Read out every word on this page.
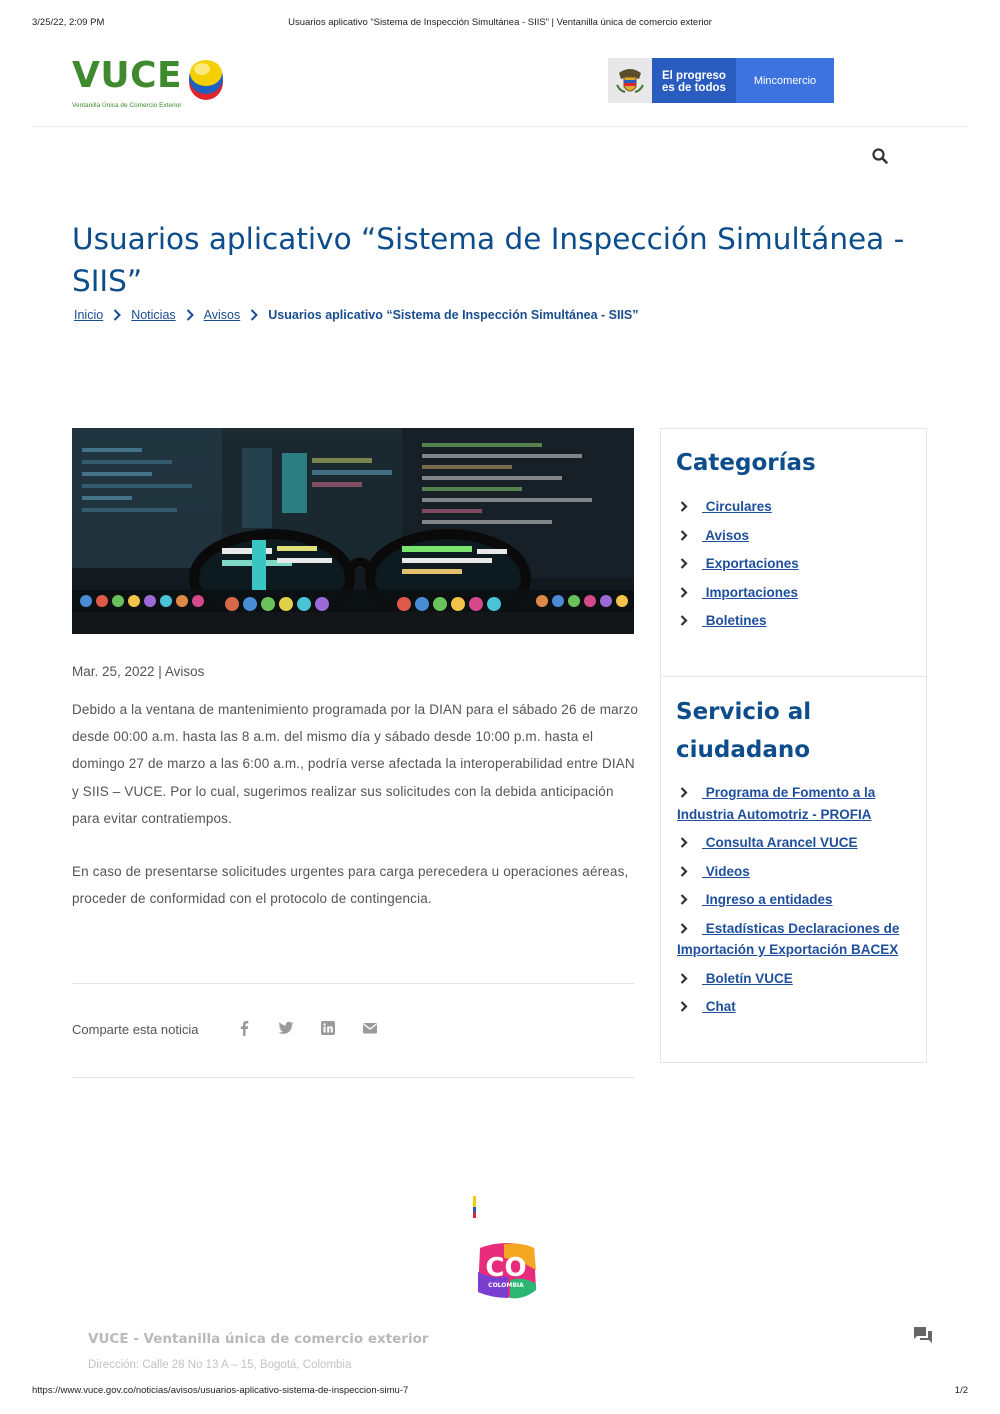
3/25/22, 2:09 PM	Usuarios aplicativo “Sistema de Inspección Simultánea - SIIS” | Ventanilla única de comercio exterior
VUCE
Ventanilla Única de Comercio Exterior
El progreso
es de todos
Mincomercio
Usuarios aplicativo “Sistema de Inspección Simultánea - SIIS”
Inicio Noticias Avisos Usuarios aplicativo “Sistema de Inspección Simultánea - SIIS”
Mar. 25, 2022 | Avisos

Debido a la ventana de mantenimiento programada por la DIAN para el sábado 26 de marzo desde 00:00 a.m. hasta las 8 a.m. del mismo día y sábado desde 10:00 p.m. hasta el domingo 27 de marzo a las 6:00 a.m., podría verse afectada la interoperabilidad entre DIAN y SIIS – VUCE. Por lo cual, sugerimos realizar sus solicitudes con la debida anticipación para evitar contratiempos.

En caso de presentarse solicitudes urgentes para carga perecedera u operaciones aéreas, proceder de conformidad con el protocolo de contingencia.

Comparte esta noticia
Categorías
Circulares
Avisos
Exportaciones
Importaciones
Boletines
Servicio al ciudadano
Programa de Fomento a la Industria Automotriz - PROFIA
Consulta Arancel VUCE
Videos
Ingreso a entidades
Estadísticas Declaraciones de Importación y Exportación BACEX
Boletín VUCE
Chat
CO
COLOMBIA
VUCE - Ventanilla única de comercio exterior
Dirección: Calle 28 No 13 A – 15, Bogotá, Colombia
https://www.vuce.gov.co/noticias/avisos/usuarios-aplicativo-sistema-de-inspeccion-simu-7	1/2
